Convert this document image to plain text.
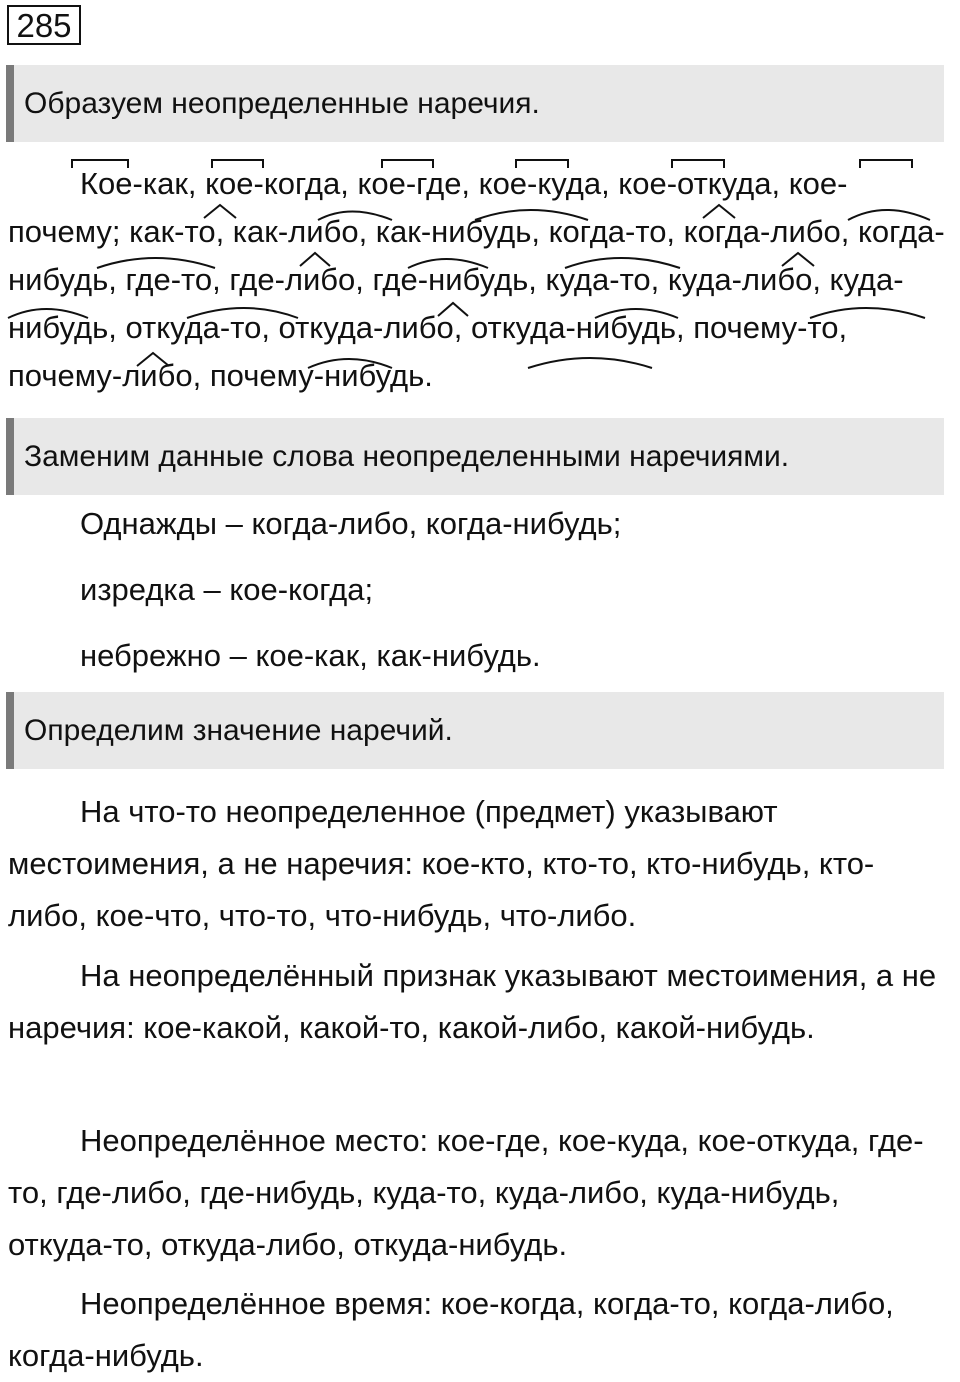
285
Образуем неопределенные наречия.

Кое-как, кое-когда, кое-где, кое-куда, кое-откуда, кое-почему; как-то, как-либо, как-нибудь, когда-то, когда-либо, когда-нибудь, где-то, где-либо, где-нибудь, куда-то, куда-либо, куда-нибудь, откуда-то, откуда-либо, откуда-нибудь, почему-то, почему-либо, почему-нибудь.

Заменим данные слова неопределенными наречиями.

Однажды – когда-либо, когда-нибудь;

изредка – кое-когда;

небрежно – кое-как, как-нибудь.

Определим значение наречий.

На что-то неопределенное (предмет) указывают местоимения, а не наречия: кое-кто, кто-то, кто-нибудь, кто-либо, кое-что, что-то, что-нибудь, что-либо.

На неопределённый признак указывают местоимения, а не наречия: кое-какой, какой-то, какой-либо, какой-нибудь.

Неопределённое место: кое-где, кое-куда, кое-откуда, где-то, где-либо, где-нибудь, куда-то, куда-либо, куда-нибудь, откуда-то, откуда-либо, откуда-нибудь.

Неопределённое время: кое-когда, когда-то, когда-либо, когда-нибудь.
